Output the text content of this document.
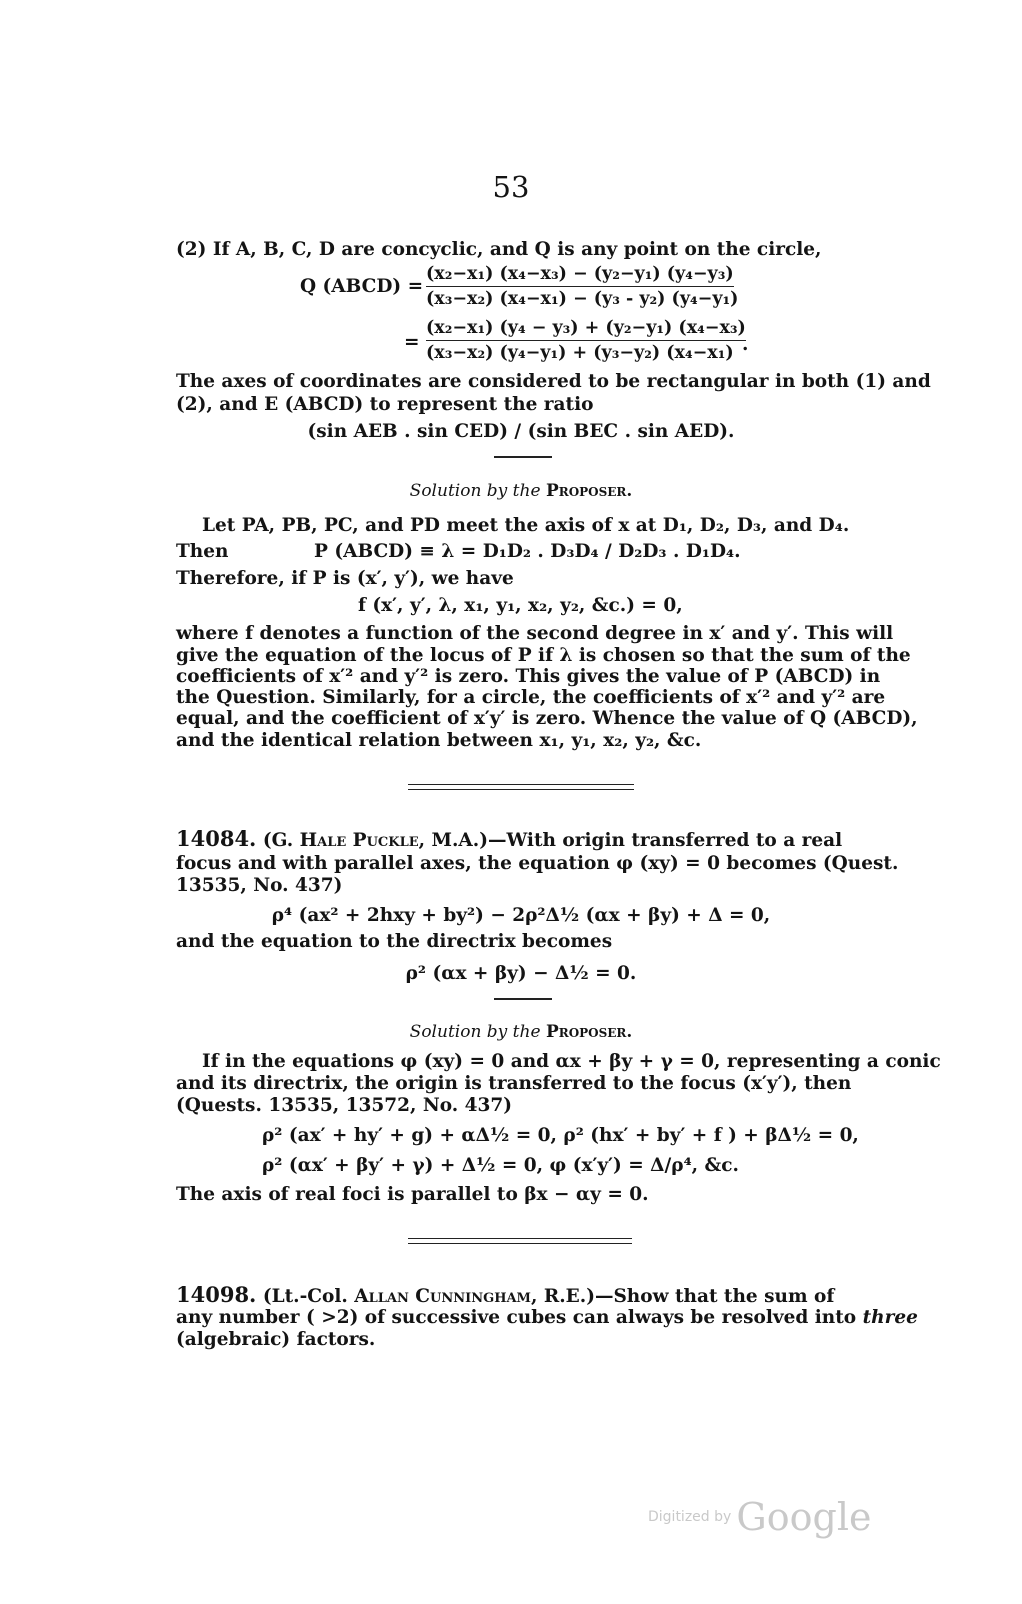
53
(2) If A, B, C, D are concyclic, and Q is any point on the circle,
Q (ABCD) = $\frac{\text{(x₂−x₁) (x₄−x₃) − (y₂−y₁) (y₄−y₃)}}{\text{(x₃−x₂) (x₄−x₁) − (y₃ - y₂) (y₄−y₁)}}$
= $\frac{\text{(x₂−x₁) (y₄ − y₃) + (y₂−y₁) (x₄−x₃)}}{\text{(x₃−x₂) (y₄−y₁) + (y₃−y₂) (x₄−x₁)}}$
.
The axes of coordinates are considered to be rectangular in both (1) and
(2), and E (ABCD) to represent the ratio
(sin AEB . sin CED) / (sin BEC . sin AED).
Solution by the Proposer.
Let PA, PB, PC, and PD meet the axis of x at D₁, D₂, D₃, and D₄.
Then	P (ABCD) ≡ λ = D₁D₂ . D₃D₄ / D₂D₃ . D₁D₄.
Therefore, if P is (x′, y′), we have
f (x′, y′, λ, x₁, y₁, x₂, y₂, &c.) = 0,
where f denotes a function of the second degree in x′ and y′. This will
give the equation of the locus of P if λ is chosen so that the sum of the
coefficients of x′² and y′² is zero. This gives the value of P (ABCD) in
the Question. Similarly, for a circle, the coefficients of x′² and y′² are
equal, and the coefficient of x′y′ is zero. Whence the value of Q (ABCD),
and the identical relation between x₁, y₁, x₂, y₂, &c.
14084. (G. Hale Puckle, M.A.)—With origin transferred to a real
focus and with parallel axes, the equation φ (xy) = 0 becomes (Quest.
13535, No. 437)
ρ⁴ (ax² + 2hxy + by²) − 2ρ²Δ½ (αx + βy) + Δ = 0,
and the equation to the directrix becomes
ρ² (αx + βy) − Δ½ = 0.
Solution by the Proposer.
If in the equations φ (xy) = 0 and αx + βy + γ = 0, representing a conic
and its directrix, the origin is transferred to the focus (x′y′), then
(Quests. 13535, 13572, No. 437)
ρ² (ax′ + hy′ + g) + αΔ½ = 0, ρ² (hx′ + by′ + f ) + βΔ½ = 0,
ρ² (αx′ + βy′ + γ) + Δ½ = 0, φ (x′y′) = Δ/ρ⁴, &c.
The axis of real foci is parallel to βx − αy = 0.
14098. (Lt.-Col. Allan Cunningham, R.E.)—Show that the sum of
any number ( >2) of successive cubes can always be resolved into three
(algebraic) factors.
Digitized by Google
